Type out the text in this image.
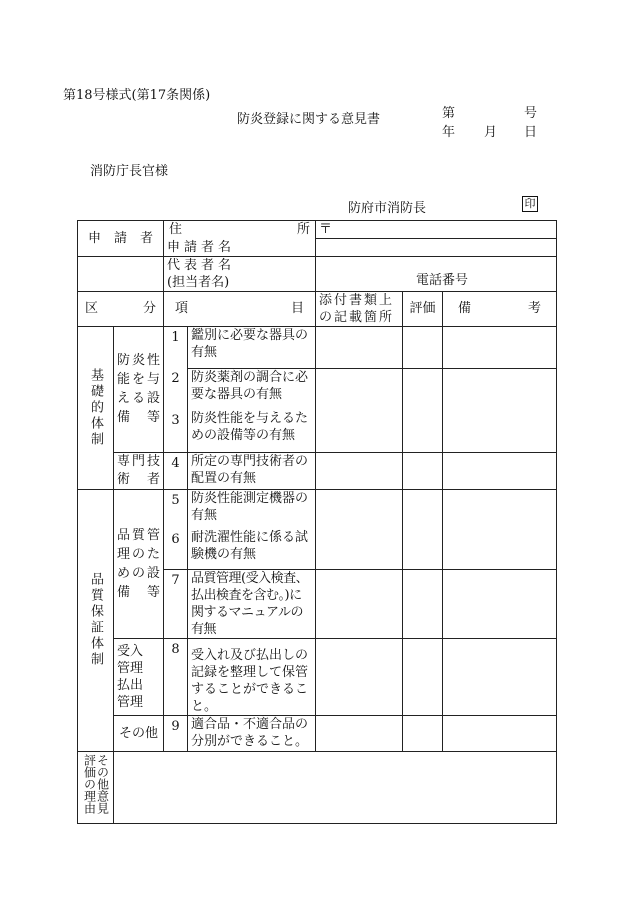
第18号様式(第17条関係)
防炎登録に関する意見書	第	号
年 月 日
消防庁長官様
防府市消防長	印
申　請　者		住 所		〒		
		申請者名				

		代表者名
(担当者名)		電話番号		

区 分		項 目		添付書類上の記載箇所	評価	備 考

基礎的体制	防炎性能を与える設備等	1	鑑別に必要な器具の有無			
		2	防炎薬剤の調合に必要な器具の有無			
		3	防炎性能を与えるための設備等の有無			

	専門技術者	4	所定の専門技術者の配置の有無			

品質保証体制	品質管理のための設備等	5	防炎性能測定機器の有無			
		6	耐洗濯性能に係る試験機の有無			
		7	品質管理(受入検査、払出検査を含む。)に関するマニュアルの有無			

	受入
管理
払出
管理	8	受入れ及び払出しの記録を整理して保管することができること。			
	その他	9	適合品・不適合品の分別ができること。			

その他意見評価の理由						
